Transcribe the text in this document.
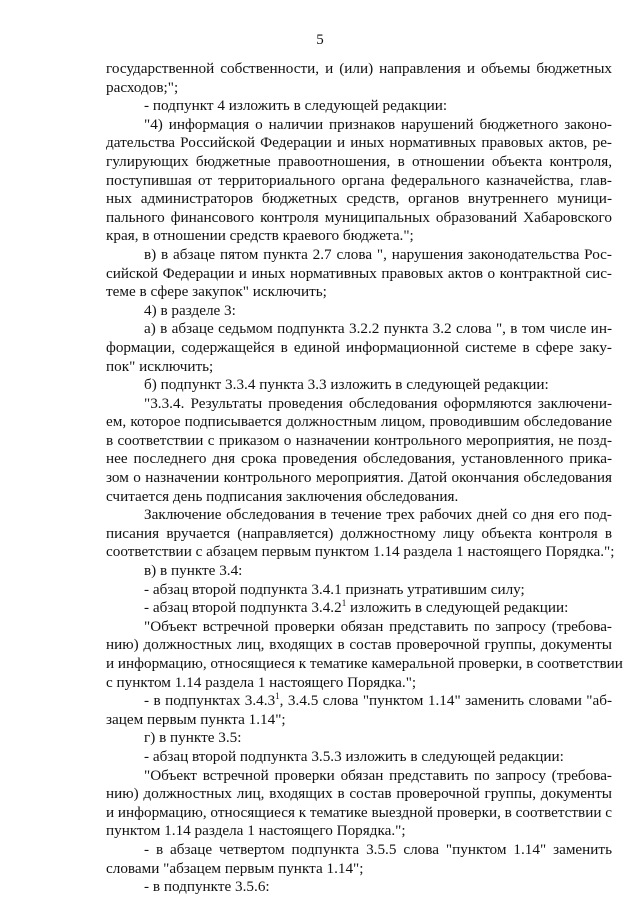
5
государственной собственности, и (или) направления и объемы бюджетных
расходов;";
- подпункт 4 изложить в следующей редакции:
"4) информация о наличии признаков нарушений бюджетного законо-
дательства Российской Федерации и иных нормативных правовых актов, ре-
гулирующих бюджетные правоотношения, в отношении объекта контроля,
поступившая от территориального органа федерального казначейства, глав-
ных администраторов бюджетных средств, органов внутреннего муници-
пального финансового контроля муниципальных образований Хабаровского
края, в отношении средств краевого бюджета.";
в) в абзаце пятом пункта 2.7 слова ", нарушения законодательства Рос-
сийской Федерации и иных нормативных правовых актов о контрактной сис-
теме в сфере закупок" исключить;
4) в разделе 3:
а) в абзаце седьмом подпункта 3.2.2 пункта 3.2 слова ", в том числе ин-
формации, содержащейся в единой информационной системе в сфере заку-
пок" исключить;
б) подпункт 3.3.4 пункта 3.3 изложить в следующей редакции:
"3.3.4. Результаты проведения обследования оформляются заключени-
ем, которое подписывается должностным лицом, проводившим обследование
в соответствии с приказом о назначении контрольного мероприятия, не позд-
нее последнего дня срока проведения обследования, установленного прика-
зом о назначении контрольного мероприятия. Датой окончания обследования
считается день подписания заключения обследования.
Заключение обследования в течение трех рабочих дней со дня его под-
писания вручается (направляется) должностному лицу объекта контроля в
соответствии с абзацем первым пунктом 1.14 раздела 1 настоящего Порядка.";
в) в пункте 3.4:
- абзац второй подпункта 3.4.1 признать утратившим силу;
- абзац второй подпункта 3.4.2$^1$ изложить в следующей редакции:
"Объект встречной проверки обязан представить по запросу (требова-
нию) должностных лиц, входящих в состав проверочной группы, документы
и информацию, относящиеся к тематике камеральной проверки, в соответствии
с пунктом 1.14 раздела 1 настоящего Порядка.";
- в подпунктах 3.4.3$^1$, 3.4.5 слова "пунктом 1.14" заменить словами "аб-
зацем первым пункта 1.14";
г) в пункте 3.5:
- абзац второй подпункта 3.5.3 изложить в следующей редакции:
"Объект встречной проверки обязан представить по запросу (требова-
нию) должностных лиц, входящих в состав проверочной группы, документы
и информацию, относящиеся к тематике выездной проверки, в соответствии с
пунктом 1.14 раздела 1 настоящего Порядка.";
- в абзаце четвертом подпункта 3.5.5 слова "пунктом 1.14" заменить
словами "абзацем первым пункта 1.14";
- в подпункте 3.5.6:
